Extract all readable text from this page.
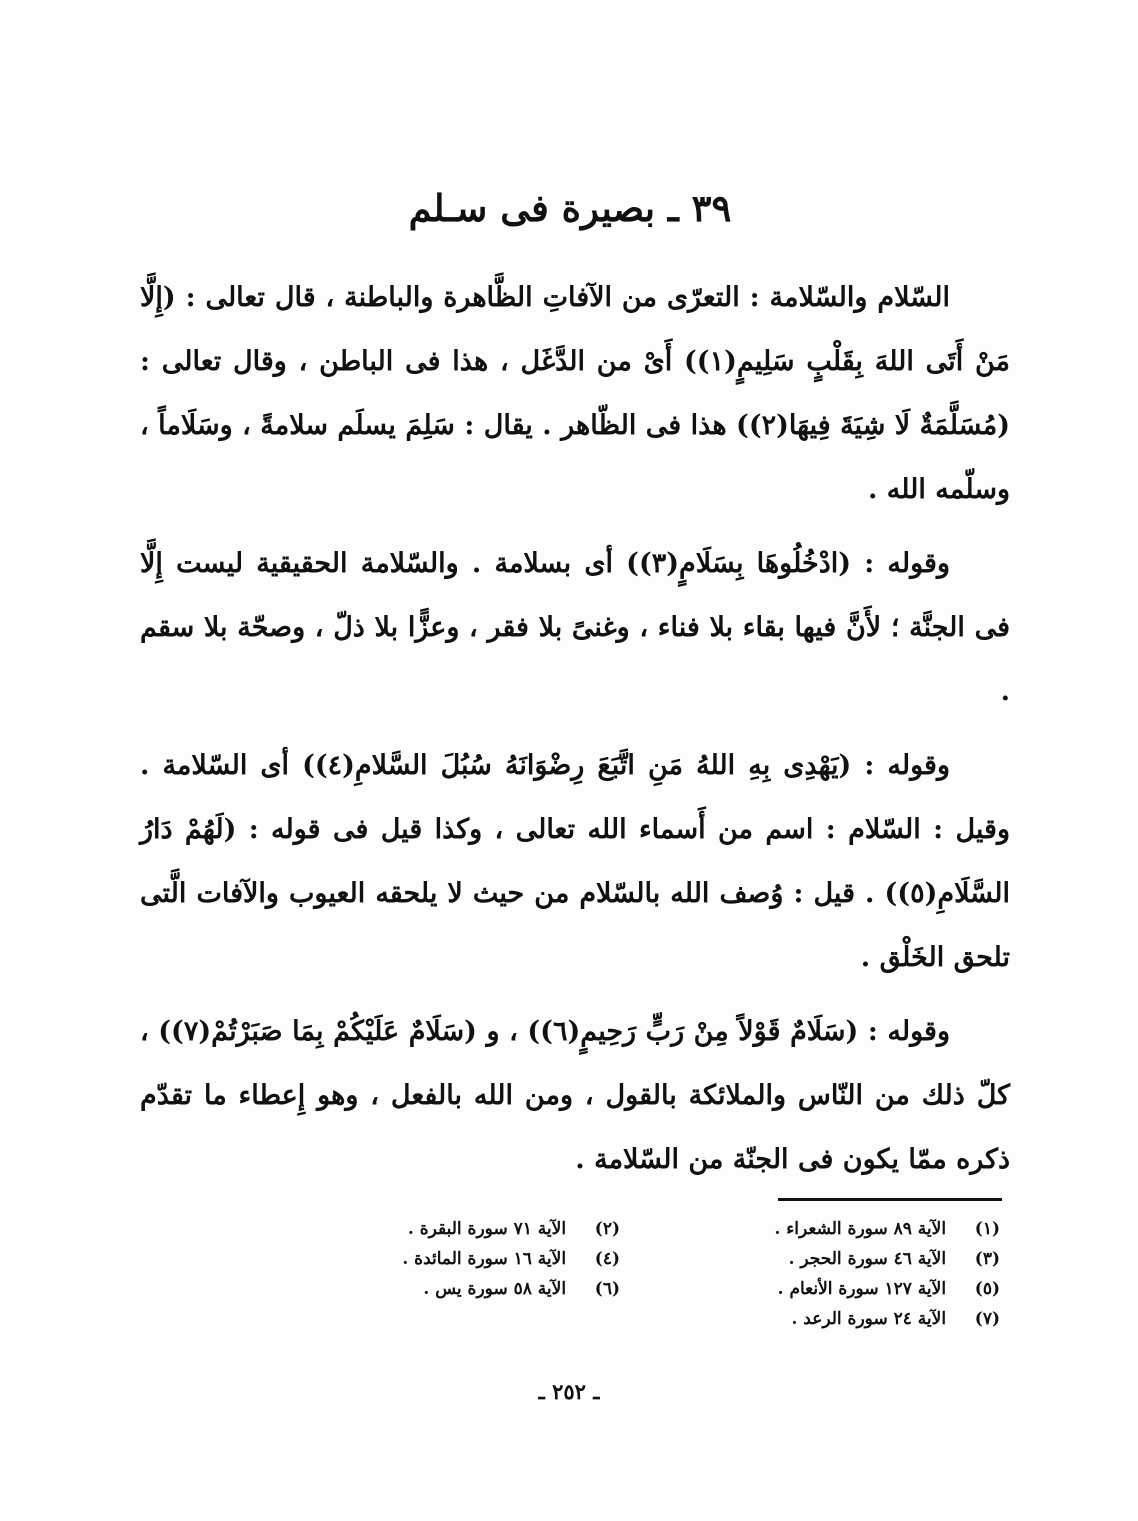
٣٩ ـ بصيرة فى سـلم

السّلام والسّلامة : التعرّى من الآفاتِ الظَّاهرة والباطنة ، قال تعالى : (إِلَّا مَنْ أَتَى اللهَ بِقَلْبٍ سَلِيمٍ(١)) أَىْ من الدَّغَل ، هذا فى الباطن ، وقال تعالى : (مُسَلَّمَةٌ لَا شِيَةَ فِيهَا(٢)) هذا فى الظّاهر . يقال : سَلِمَ يسلَم سلامةً ، وسَلَاماً ، وسلّمه الله .

وقوله : (ادْخُلُوهَا بِسَلَامٍ(٣)) أى بسلامة . والسّلامة الحقيقية ليست إِلَّا فى الجنَّة ؛ لأَنَّ فيها بقاء بلا فناء ، وغنىً بلا فقر ، وعزًّا بلا ذلّ ، وصحّة بلا سقم .

وقوله : (يَهْدِى بِهِ اللهُ مَنِ اتَّبَعَ رِضْوَانَهُ سُبُلَ السَّلامِ(٤)) أى السّلامة . وقيل : السّلام : اسم من أَسماء الله تعالى ، وكذا قيل فى قوله : (لَهُمْ دَارُ السَّلَامِ(٥)) . قيل : وُصف الله بالسّلام من حيث لا يلحقه العيوب والآفات الَّتى تلحق الخَلْق .

وقوله : (سَلَامٌ قَوْلاً مِنْ رَبٍّ رَحِيمٍ(٦)) ، و (سَلَامٌ عَلَيْكُمْ بِمَا صَبَرْتُمْ(٧)) ، كلّ ذلك من النّاس والملائكة بالقول ، ومن الله بالفعل ، وهو إِعطاء ما تقدّم ذكره ممّا يكون فى الجنّة من السّلامة .

(١) الآية ٨٩ سورة الشعراء .
(٢) الآية ٧١ سورة البقرة .
(٣) الآية ٤٦ سورة الحجر .
(٤) الآية ١٦ سورة المائدة .
(٥) الآية ١٢٧ سورة الأنعام .
(٦) الآية ٥٨ سورة يس .
(٧) الآية ٢٤ سورة الرعد .
ـ ٢٥٢ ـ
